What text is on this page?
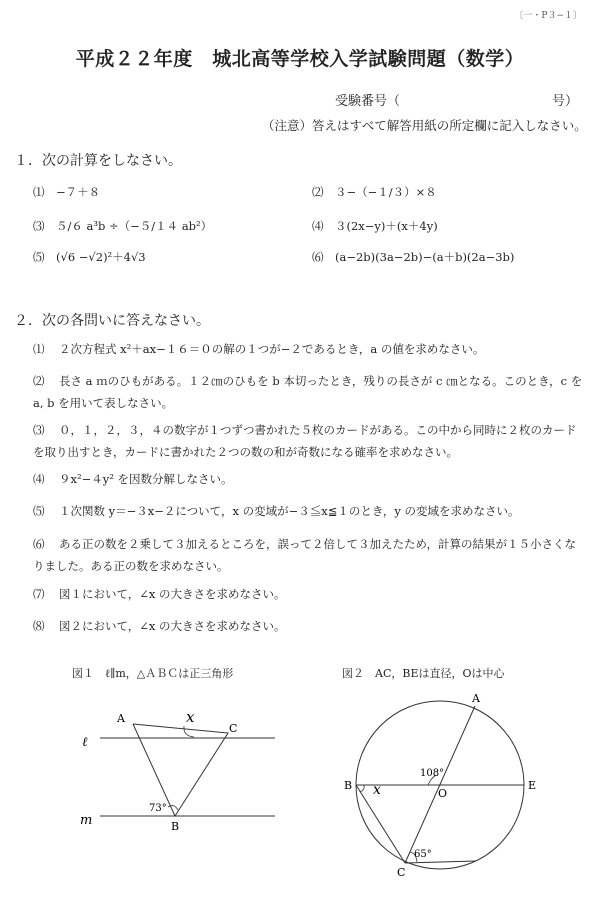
〔一・P３−１〕
平成２２年度　城北高等学校入学試験問題（数学）
受験番号（	号）
（注意）答えはすべて解答用紙の所定欄に記入しなさい。
１．次の計算をしなさい。
⑴　 −７＋８	⑵　 ３−（−１/３）×８
⑶　 ５/６ a³b ÷（−５/１４ ab²）	⑷　 ３(2x−y)＋(x＋4y)
⑸　 (√6 −√2)²＋4√3	⑹　 (a−2b)(3a−2b)−(a＋b)(2a−3b)
２．次の各問いに答えなさい。
⑴ ２次方程式 x²＋ax−１６＝０の解の１つが−２であるとき，a の値を求めなさい。
⑵ 長さ a ｍのひもがある。１２㎝のひもを b 本切ったとき，残りの長さが c ㎝となる。このとき，c を a, b を用いて表しなさい。
⑶ ０，１，２，３，４の数字が１つずつ書かれた５枚のカードがある。この中から同時に２枚のカードを取り出すとき，カードに書かれた２つの数の和が奇数になる確率を求めなさい。
⑷ ９x²−４y² を因数分解しなさい。
⑸ １次関数 y＝−３x−２について，x の変域が−３≦x≦１のとき，y の変域を求めなさい。
⑹ ある正の数を２乗して３加えるところを，誤って２倍して３加えたため，計算の結果が１５小さくなりました。ある正の数を求めなさい。
⑺ 図１において，∠x の大きさを求めなさい。
⑻ 図２において，∠x の大きさを求めなさい。
図１　ℓ∥m，△ＡＢＣは正三角形	図２　AC，BEは直径，Oは中心
ℓ
m
A
C
B
x
73°
A
B	E
O
C
x
108°
65°
